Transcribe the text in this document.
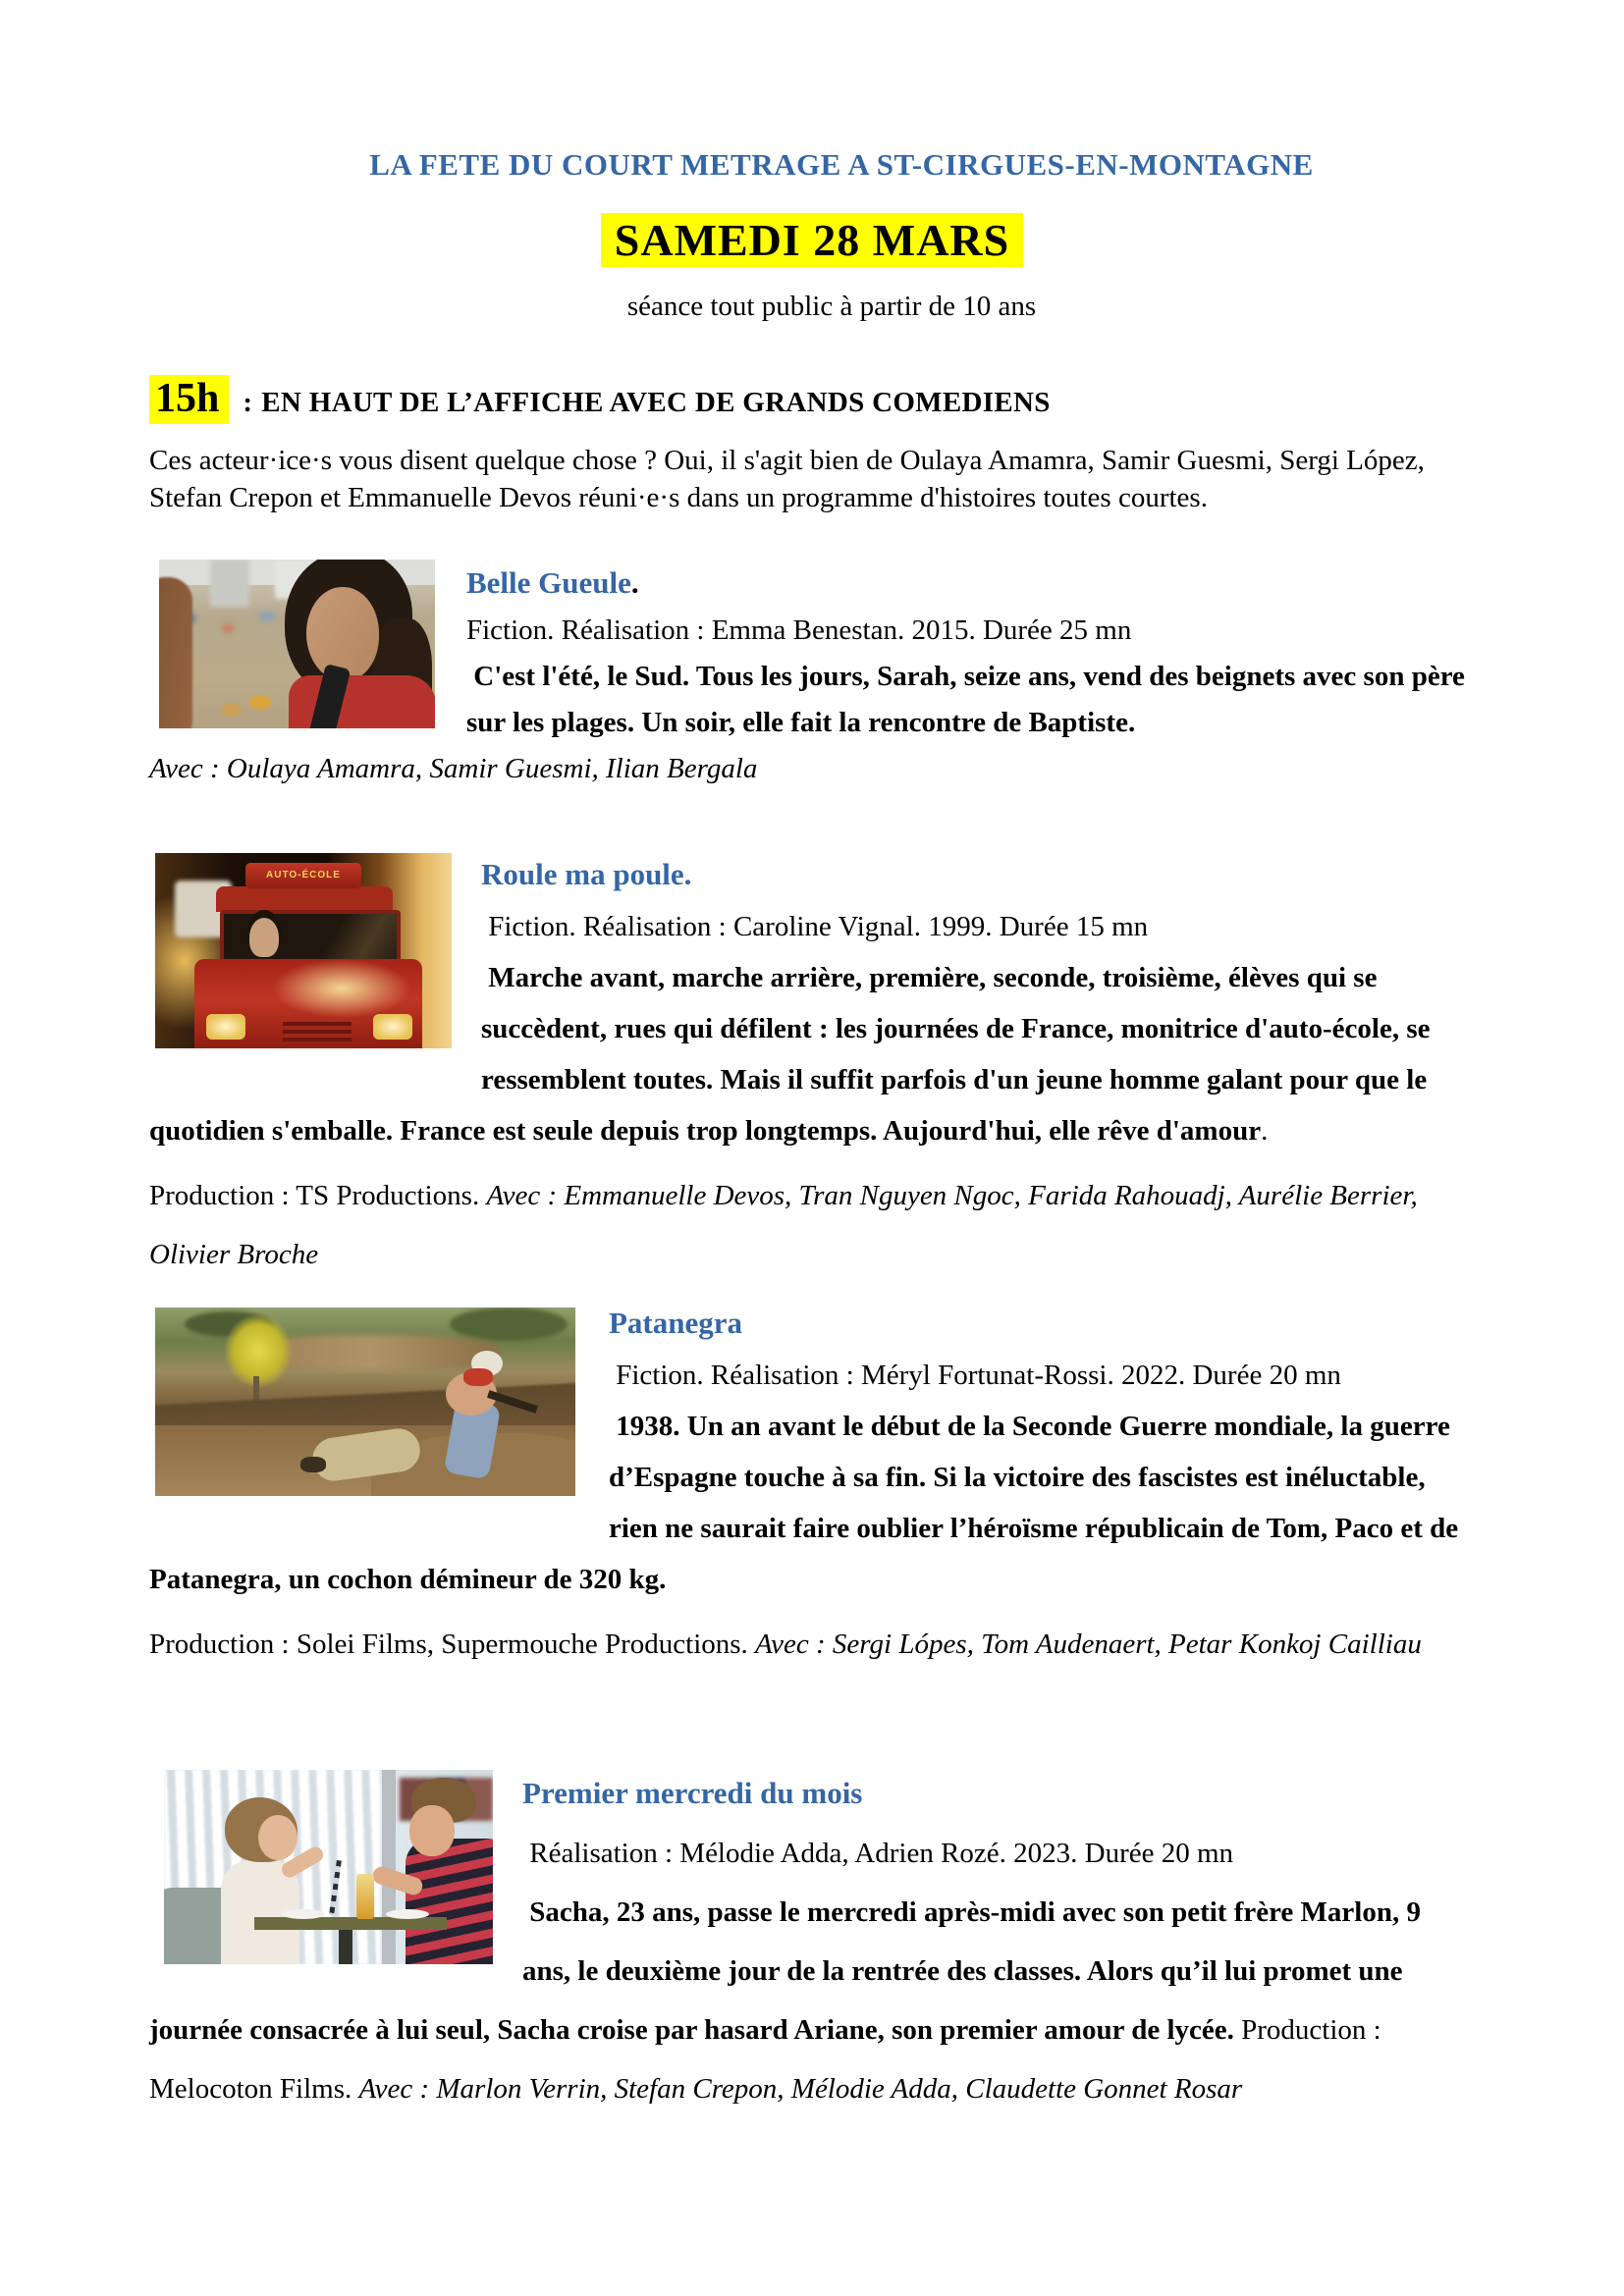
LA FETE DU COURT METRAGE A ST-CIRGUES-EN-MONTAGNE
SAMEDI 28 MARS
séance tout public à partir de 10 ans
15h : EN HAUT DE L’AFFICHE AVEC DE GRANDS COMEDIENS
Ces acteur·ice·s vous disent quelque chose ? Oui, il s'agit bien de Oulaya Amamra, Samir Guesmi, Sergi López, Stefan Crepon et Emmanuelle Devos réuni·e·s dans un programme d'histoires toutes courtes.
Belle Gueule.
Fiction. Réalisation : Emma Benestan. 2015. Durée 25 mn
C'est l'été, le Sud. Tous les jours, Sarah, seize ans, vend des beignets avec son père sur les plages. Un soir, elle fait la rencontre de Baptiste.
Avec : Oulaya Amamra, Samir Guesmi, Ilian Bergala
AUTO-ÉCOLE	Roule ma poule.
Fiction. Réalisation : Caroline Vignal. 1999. Durée 15 mn
Marche avant, marche arrière, première, seconde, troisième, élèves qui se succèdent, rues qui défilent : les journées de France, monitrice d'auto-école, se ressemblent toutes. Mais il suffit parfois d'un jeune homme galant pour que le quotidien s'emballe. France est seule depuis trop longtemps. Aujourd'hui, elle rêve d'amour.
Production : TS Productions. Avec : Emmanuelle Devos, Tran Nguyen Ngoc, Farida Rahouadj, Aurélie Berrier, Olivier Broche
Patanegra
Fiction. Réalisation : Méryl Fortunat-Rossi. 2022. Durée 20 mn
1938. Un an avant le début de la Seconde Guerre mondiale, la guerre d’Espagne touche à sa fin. Si la victoire des fascistes est inéluctable, rien ne saurait faire oublier l’héroïsme républicain de Tom, Paco et de Patanegra, un cochon démineur de 320 kg.
Production : Solei Films, Supermouche Productions. Avec : Sergi Lópes, Tom Audenaert, Petar Konkoj Cailliau
Premier mercredi du mois
Réalisation : Mélodie Adda, Adrien Rozé. 2023. Durée 20 mn
Sacha, 23 ans, passe le mercredi après-midi avec son petit frère Marlon, 9    ans, le deuxième jour de la rentrée des classes. Alors qu’il lui promet une journée consacrée à lui seul, Sacha croise par hasard Ariane, son premier amour de lycée. Production : Melocoton Films. Avec : Marlon Verrin, Stefan Crepon, Mélodie Adda, Claudette Gonnet Rosar
